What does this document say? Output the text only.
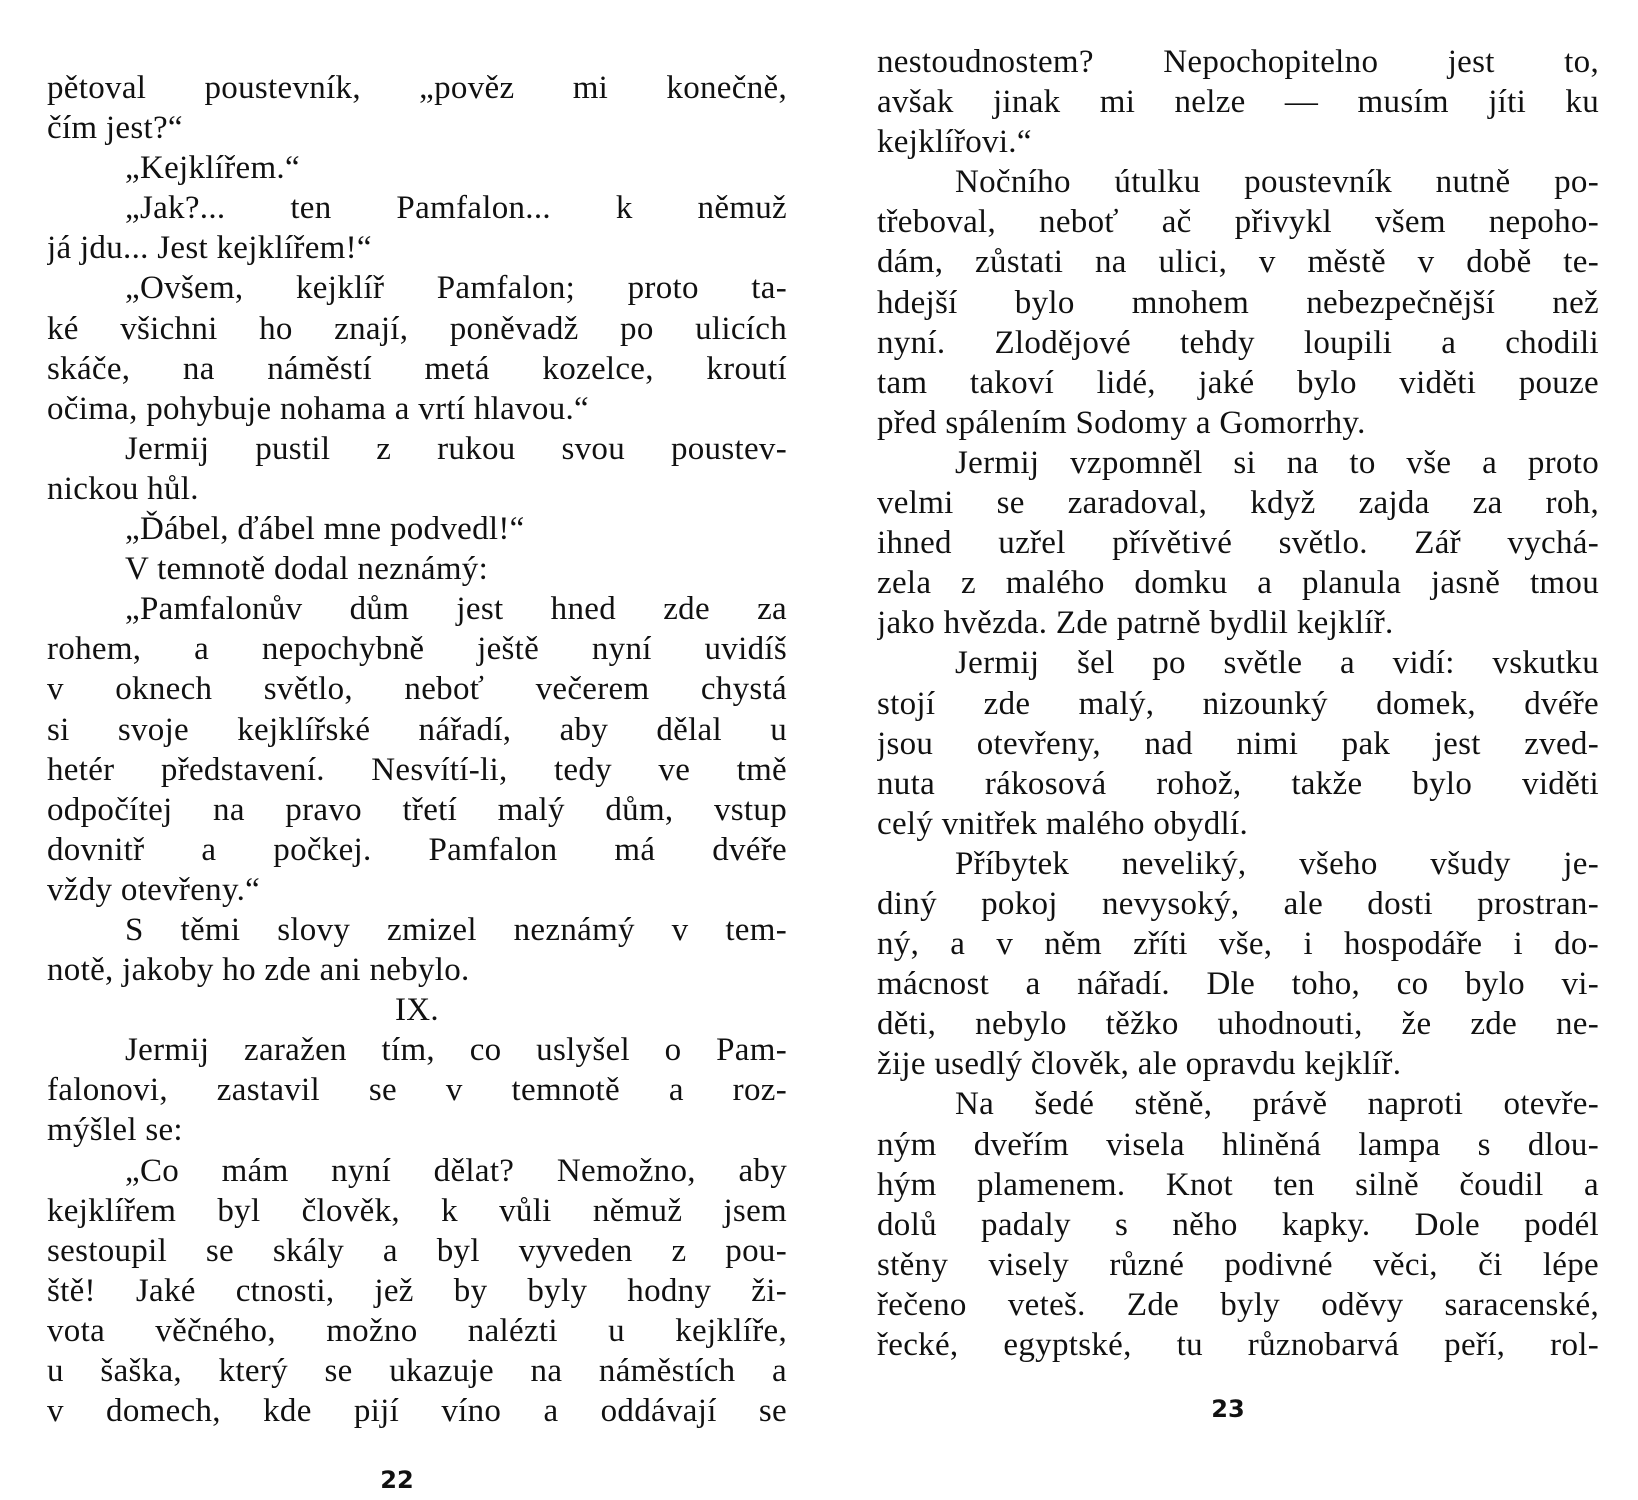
pětoval poustevník, „pověz mi konečně,
čím jest?“
„Kejklířem.“
„Jak?... ten Pamfalon... k němuž
já jdu... Jest kejklířem!“
„Ovšem, kejklíř Pamfalon; proto ta-
ké všichni ho znají, poněvadž po ulicích
skáče, na náměstí metá kozelce, kroutí
očima, pohybuje nohama a vrtí hlavou.“
Jermij pustil z rukou svou poustev-
nickou hůl.
„Ďábel, ďábel mne podvedl!“
V temnotě dodal neznámý:
„Pamfalonův dům jest hned zde za
rohem, a nepochybně ještě nyní uvidíš
v oknech světlo, neboť večerem chystá
si svoje kejklířské nářadí, aby dělal u
hetér představení. Nesvítí-li, tedy ve tmě
odpočítej na pravo třetí malý dům, vstup
dovnitř a počkej. Pamfalon má dvéře
vždy otevřeny.“
S těmi slovy zmizel neznámý v tem-
notě, jakoby ho zde ani nebylo.
IX.
Jermij zaražen tím, co uslyšel o Pam-
falonovi, zastavil se v temnotě a roz-
mýšlel se:
„Co mám nyní dělat? Nemožno, aby
kejklířem byl člověk, k vůli němuž jsem
sestoupil se skály a byl vyveden z pou-
ště! Jaké ctnosti, jež by byly hodny ži-
vota věčného, možno nalézti u kejklíře,
u šaška, který se ukazuje na náměstích a
v domech, kde pijí víno a oddávají se
22
nestoudnostem? Nepochopitelno jest to,
avšak jinak mi nelze — musím jíti ku
kejklířovi.“
Nočního útulku poustevník nutně po-
třeboval, neboť ač přivykl všem nepoho-
dám, zůstati na ulici, v městě v době te-
hdejší bylo mnohem nebezpečnější než
nyní. Zlodějové tehdy loupili a chodili
tam takoví lidé, jaké bylo viděti pouze
před spálením Sodomy a Gomorrhy.
Jermij vzpomněl si na to vše a proto
velmi se zaradoval, když zajda za roh,
ihned uzřel přívětivé světlo. Zář vychá-
zela z malého domku a planula jasně tmou
jako hvězda. Zde patrně bydlil kejklíř.
Jermij šel po světle a vidí: vskutku
stojí zde malý, nizounký domek, dvéře
jsou otevřeny, nad nimi pak jest zved-
nuta rákosová rohož, takže bylo viděti
celý vnitřek malého obydlí.
Příbytek neveliký, všeho všudy je-
diný pokoj nevysoký, ale dosti prostran-
ný, a v něm zříti vše, i hospodáře i do-
mácnost a nářadí. Dle toho, co bylo vi-
děti, nebylo těžko uhodnouti, že zde ne-
žije usedlý člověk, ale opravdu kejklíř.
Na šedé stěně, právě naproti otevře-
ným dveřím visela hliněná lampa s dlou-
hým plamenem. Knot ten silně čoudil a
dolů padaly s něho kapky. Dole podél
stěny visely různé podivné věci, či lépe
řečeno veteš. Zde byly oděvy saracenské,
řecké, egyptské, tu různobarvá peří, rol-
23
